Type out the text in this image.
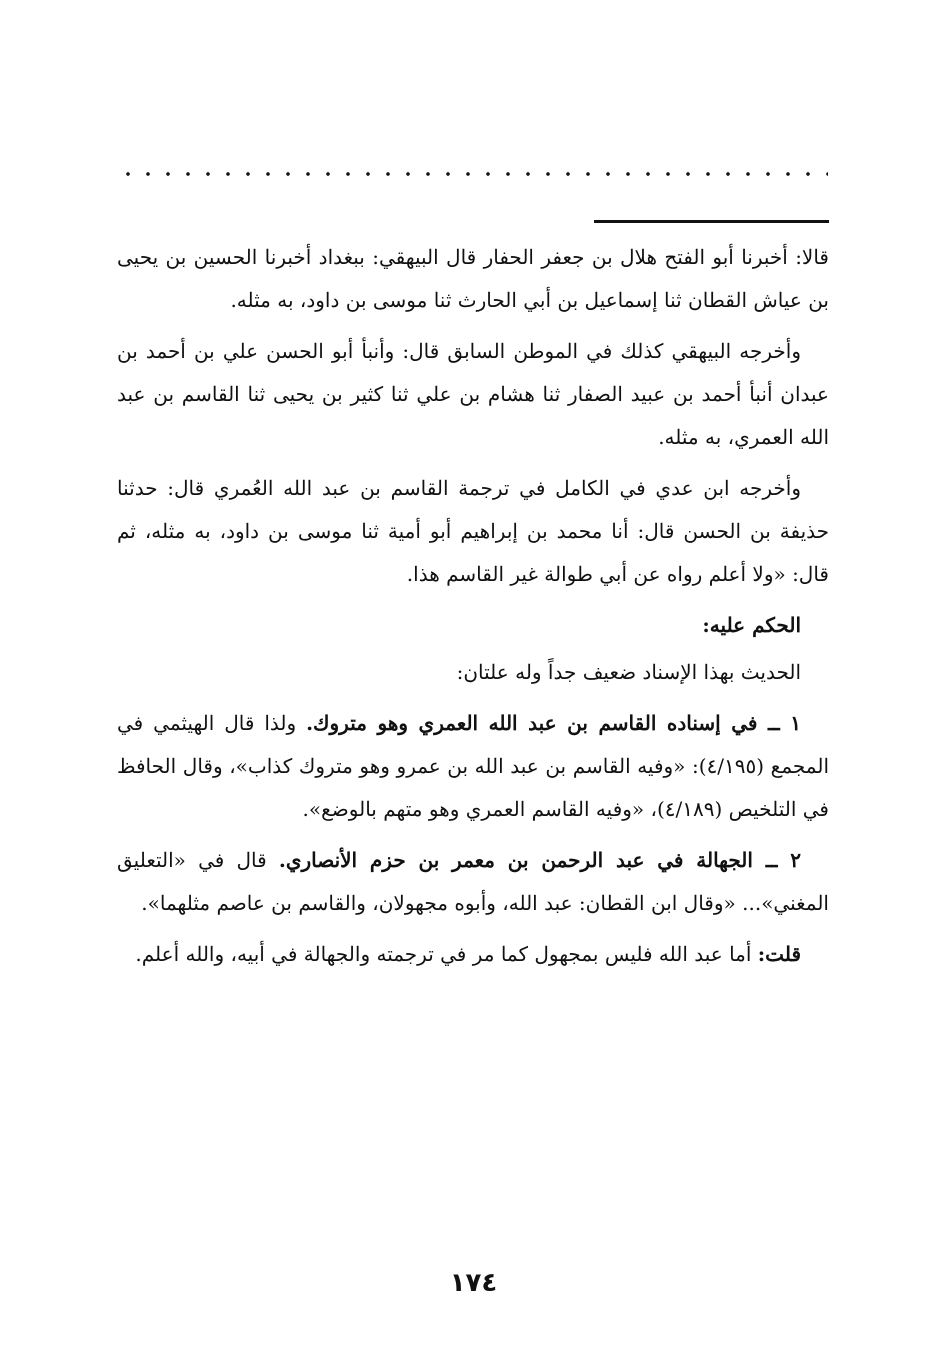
قالا: أخبرنا أبو الفتح هلال بن جعفر الحفار قال البيهقي: ببغداد أخبرنا الحسين بن يحيى بن عياش القطان ثنا إسماعيل بن أبي الحارث ثنا موسى بن داود، به مثله.

وأخرجه البيهقي كذلك في الموطن السابق قال: وأنبأ أبو الحسن علي بن أحمد بن عبدان أنبأ أحمد بن عبيد الصفار ثنا هشام بن علي ثنا كثير بن يحيى ثنا القاسم بن عبد الله العمري، به مثله.

وأخرجه ابن عدي في الكامل في ترجمة القاسم بن عبد الله العُمري قال: حدثنا حذيفة بن الحسن قال: أنا محمد بن إبراهيم أبو أمية ثنا موسى بن داود، به مثله، ثم قال: «ولا أعلم رواه عن أبي طوالة غير القاسم هذا.

الحكم عليه:

الحديث بهذا الإسناد ضعيف جداً وله علتان:

١ ــ في إسناده القاسم بن عبد الله العمري وهو متروك. ولذا قال الهيثمي في المجمع (٤/١٩٥): «وفيه القاسم بن عبد الله بن عمرو وهو متروك كذاب»، وقال الحافظ في التلخيص (٤/١٨٩)، «وفيه القاسم العمري وهو متهم بالوضع».

٢ ــ الجهالة في عبد الرحمن بن معمر بن حزم الأنصاري. قال في «التعليق المغني»... «وقال ابن القطان: عبد الله، وأبوه مجهولان، والقاسم بن عاصم مثلهما».

قلت: أما عبد الله فليس بمجهول كما مر في ترجمته والجهالة في أبيه، والله أعلم.

١٧٤
